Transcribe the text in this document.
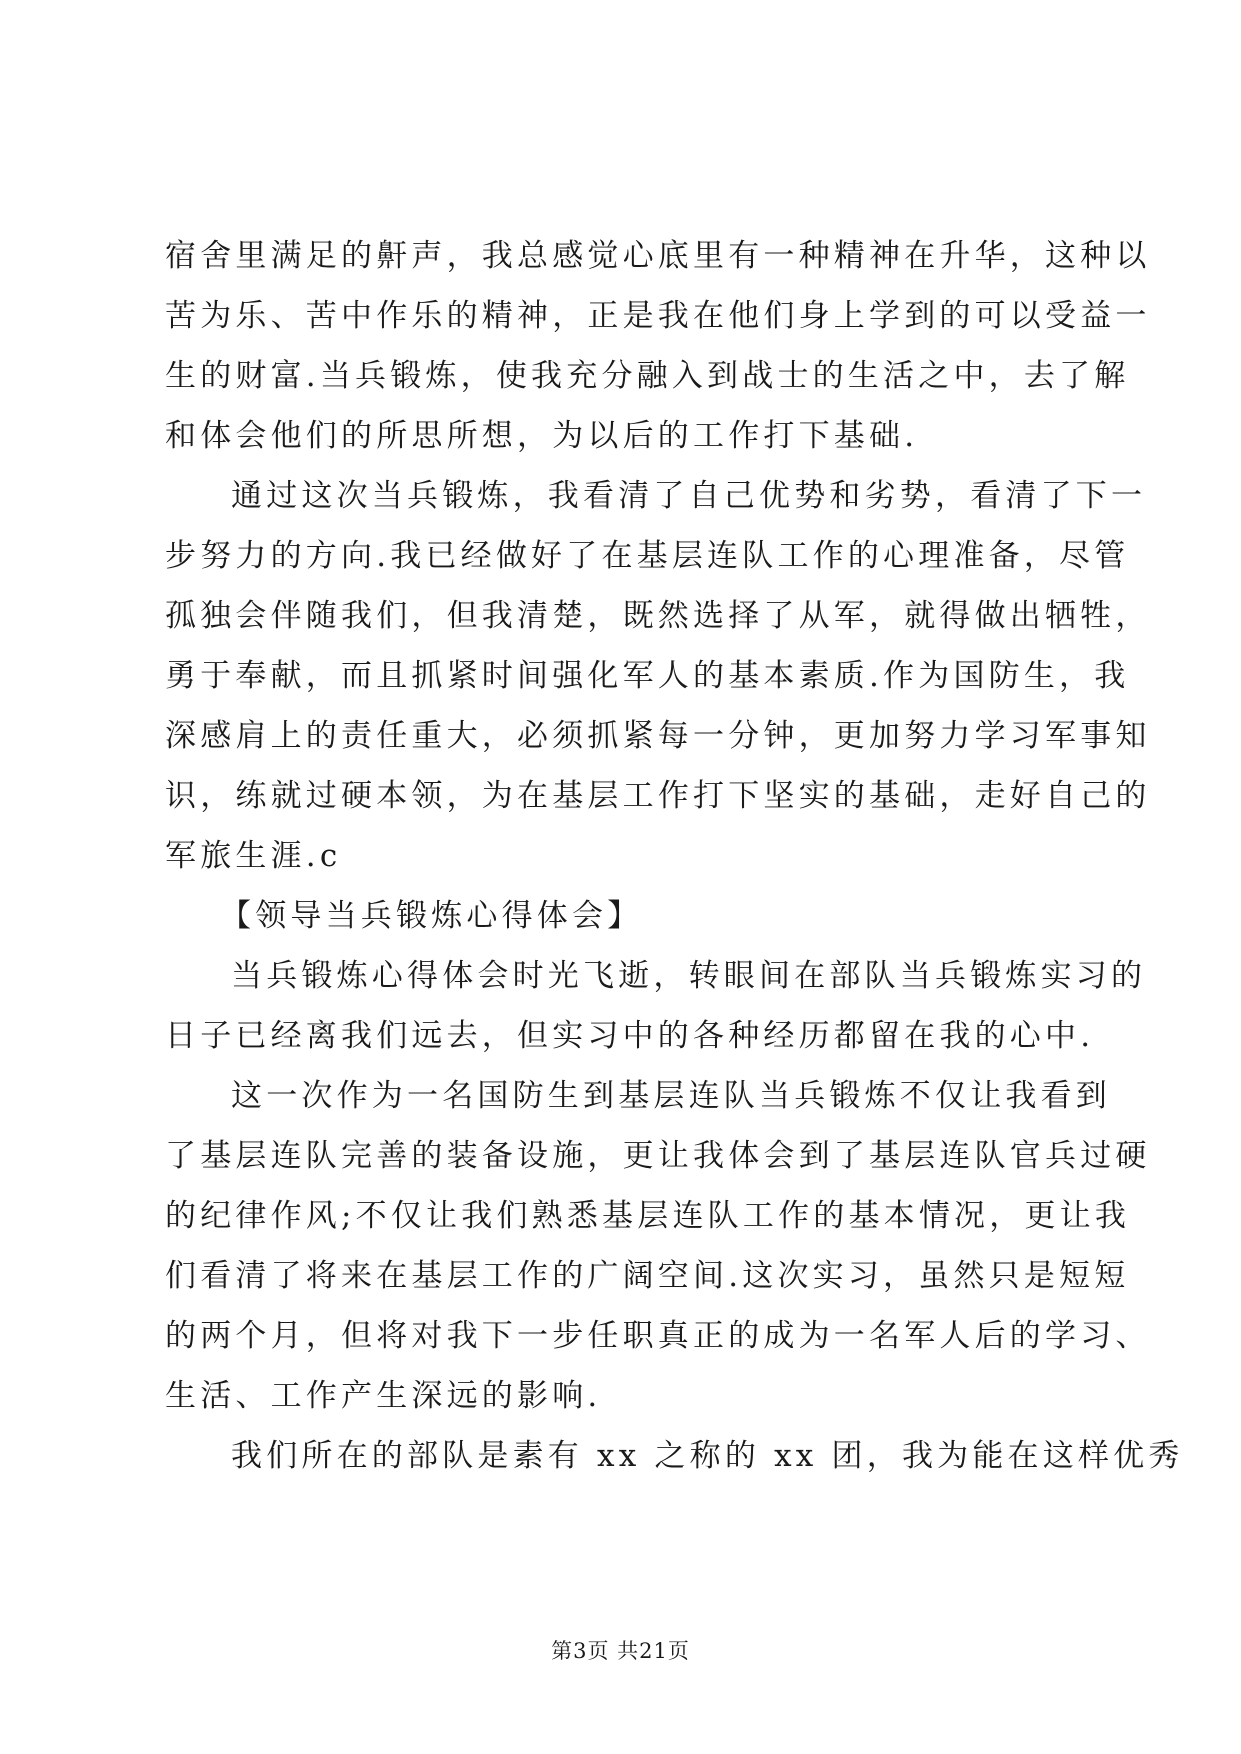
宿舍里满足的鼾声，我总感觉心底里有一种精神在升华，这种以
苦为乐、苦中作乐的精神，正是我在他们身上学到的可以受益一
生的财富.当兵锻炼，使我充分融入到战士的生活之中，去了解
和体会他们的所思所想，为以后的工作打下基础.
通过这次当兵锻炼，我看清了自己优势和劣势，看清了下一
步努力的方向.我已经做好了在基层连队工作的心理准备，尽管
孤独会伴随我们，但我清楚，既然选择了从军，就得做出牺牲，
勇于奉献，而且抓紧时间强化军人的基本素质.作为国防生，我
深感肩上的责任重大，必须抓紧每一分钟，更加努力学习军事知
识，练就过硬本领，为在基层工作打下坚实的基础，走好自己的
军旅生涯.c
【领导当兵锻炼心得体会】
当兵锻炼心得体会时光飞逝，转眼间在部队当兵锻炼实习的
日子已经离我们远去，但实习中的各种经历都留在我的心中.
这一次作为一名国防生到基层连队当兵锻炼不仅让我看到
了基层连队完善的装备设施，更让我体会到了基层连队官兵过硬
的纪律作风;不仅让我们熟悉基层连队工作的基本情况，更让我
们看清了将来在基层工作的广阔空间.这次实习，虽然只是短短
的两个月，但将对我下一步任职真正的成为一名军人后的学习、
生活、工作产生深远的影响.
我们所在的部队是素有 xx 之称的 xx 团，我为能在这样优秀
第3页 共21页
